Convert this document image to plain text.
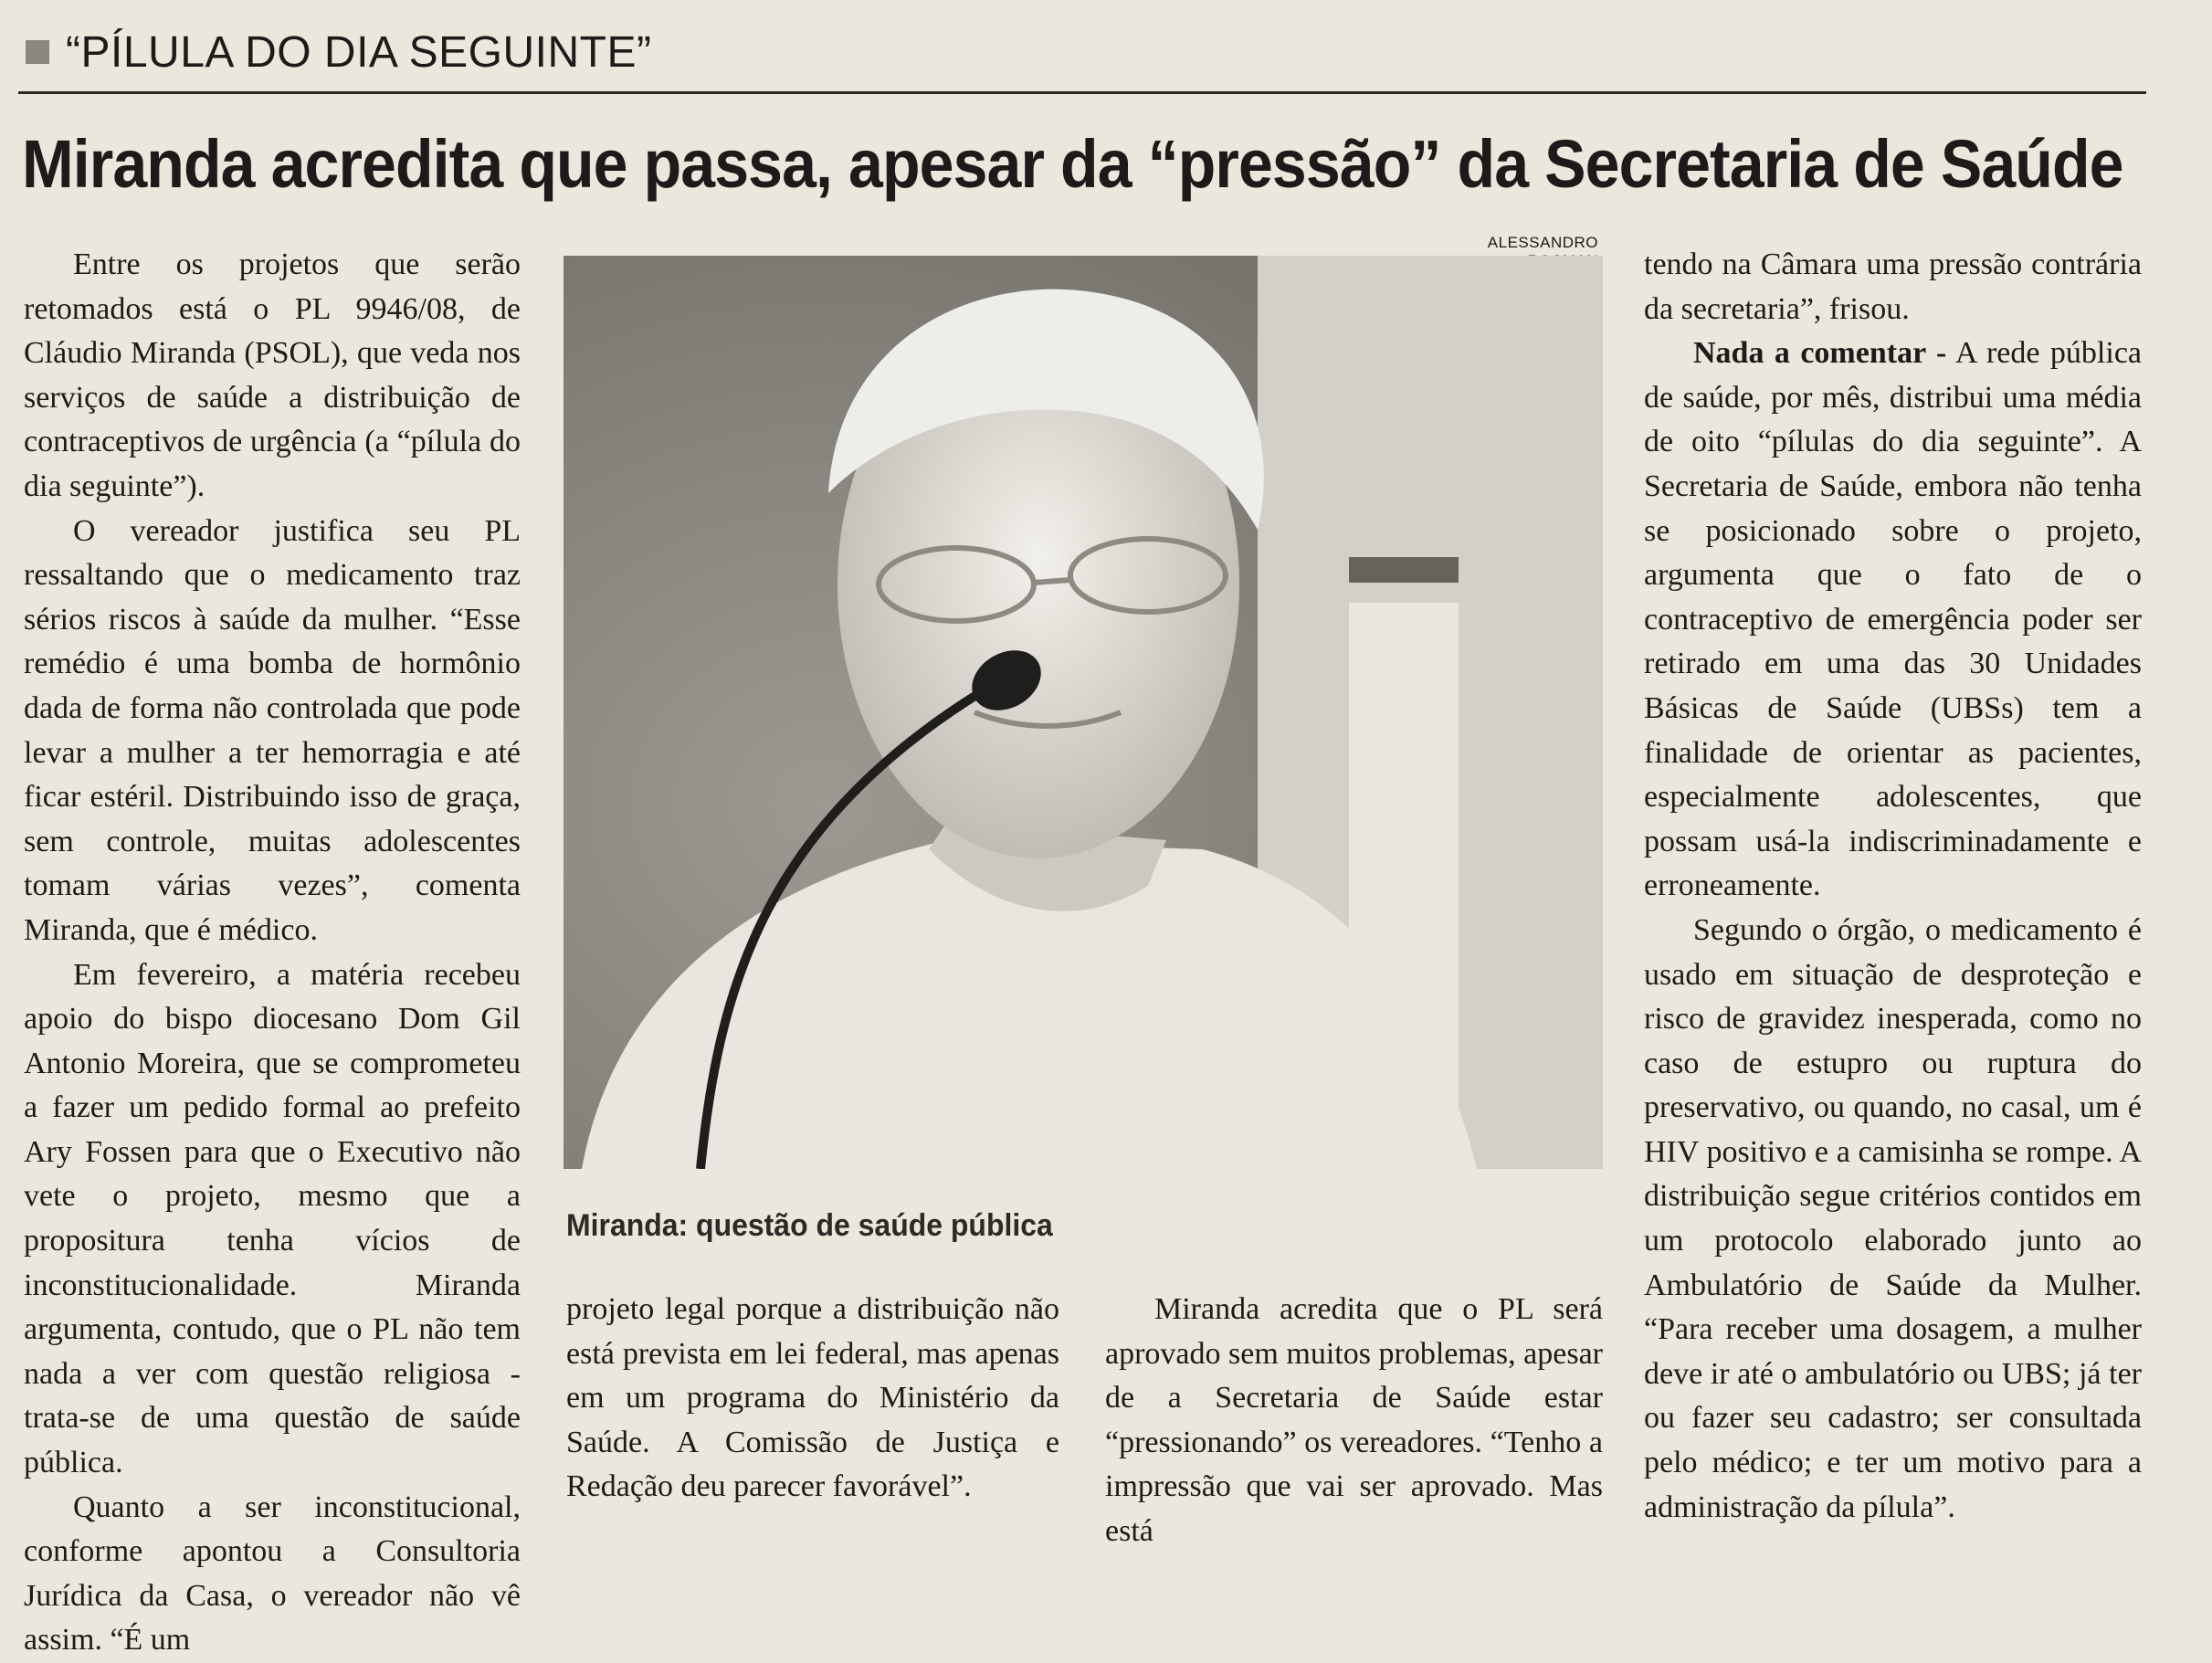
“PÍLULA DO DIA SEGUINTE”
Miranda acredita que passa, apesar da “pressão” da Secretaria de Saúde

Entre os projetos que serão retomados está o PL 9946/08, de Cláudio Miranda (PSOL), que veda nos serviços de saúde a distribuição de contraceptivos de urgência (a “pílula do dia seguinte”).

O vereador justifica seu PL ressaltando que o medicamento traz sérios riscos à saúde da mulher. “Esse remédio é uma bomba de hormônio dada de forma não controlada que pode levar a mulher a ter hemorragia e até ficar estéril. Distribuindo isso de graça, sem controle, muitas adolescentes tomam várias vezes”, comenta Miranda, que é médico.

Em fevereiro, a matéria recebeu apoio do bispo diocesano Dom Gil Antonio Moreira, que se comprometeu a fazer um pedido formal ao prefeito Ary Fossen para que o Executivo não vete o projeto, mesmo que a propositura tenha vícios de inconstitucionalidade. Miranda argumenta, contudo, que o PL não tem nada a ver com questão religiosa - trata-se de uma questão de saúde pública.

Quanto a ser inconstitucional, conforme apontou a Consultoria Jurídica da Casa, o vereador não vê assim. “É um

ALESSANDRO
Miranda: questão de saúde pública

projeto legal porque a distribuição não está prevista em lei federal, mas apenas em um programa do Ministério da Saúde. A Comissão de Justiça e Redação deu parecer favorável”.

Miranda acredita que o PL será aprovado sem muitos problemas, apesar de a Secretaria de Saúde estar “pressionando” os vereadores. “Tenho a impressão que vai ser aprovado. Mas está

tendo na Câmara uma pressão contrária da secretaria”, frisou.

Nada a comentar - A rede pública de saúde, por mês, distribui uma média de oito “pílulas do dia seguinte”. A Secretaria de Saúde, embora não tenha se posicionado sobre o projeto, argumenta que o fato de o contraceptivo de emergência poder ser retirado em uma das 30 Unidades Básicas de Saúde (UBSs) tem a finalidade de orientar as pacientes, especialmente adolescentes, que possam usá-la indiscriminadamente e erroneamente.

Segundo o órgão, o medicamento é usado em situação de desproteção e risco de gravidez inesperada, como no caso de estupro ou ruptura do preservativo, ou quando, no casal, um é HIV positivo e a camisinha se rompe. A distribuição segue critérios contidos em um protocolo elaborado junto ao Ambulatório de Saúde da Mulher. “Para receber uma dosagem, a mulher deve ir até o ambulatório ou UBS; já ter ou fazer seu cadastro; ser consultada pelo médico; e ter um motivo para a administração da pílula”.
